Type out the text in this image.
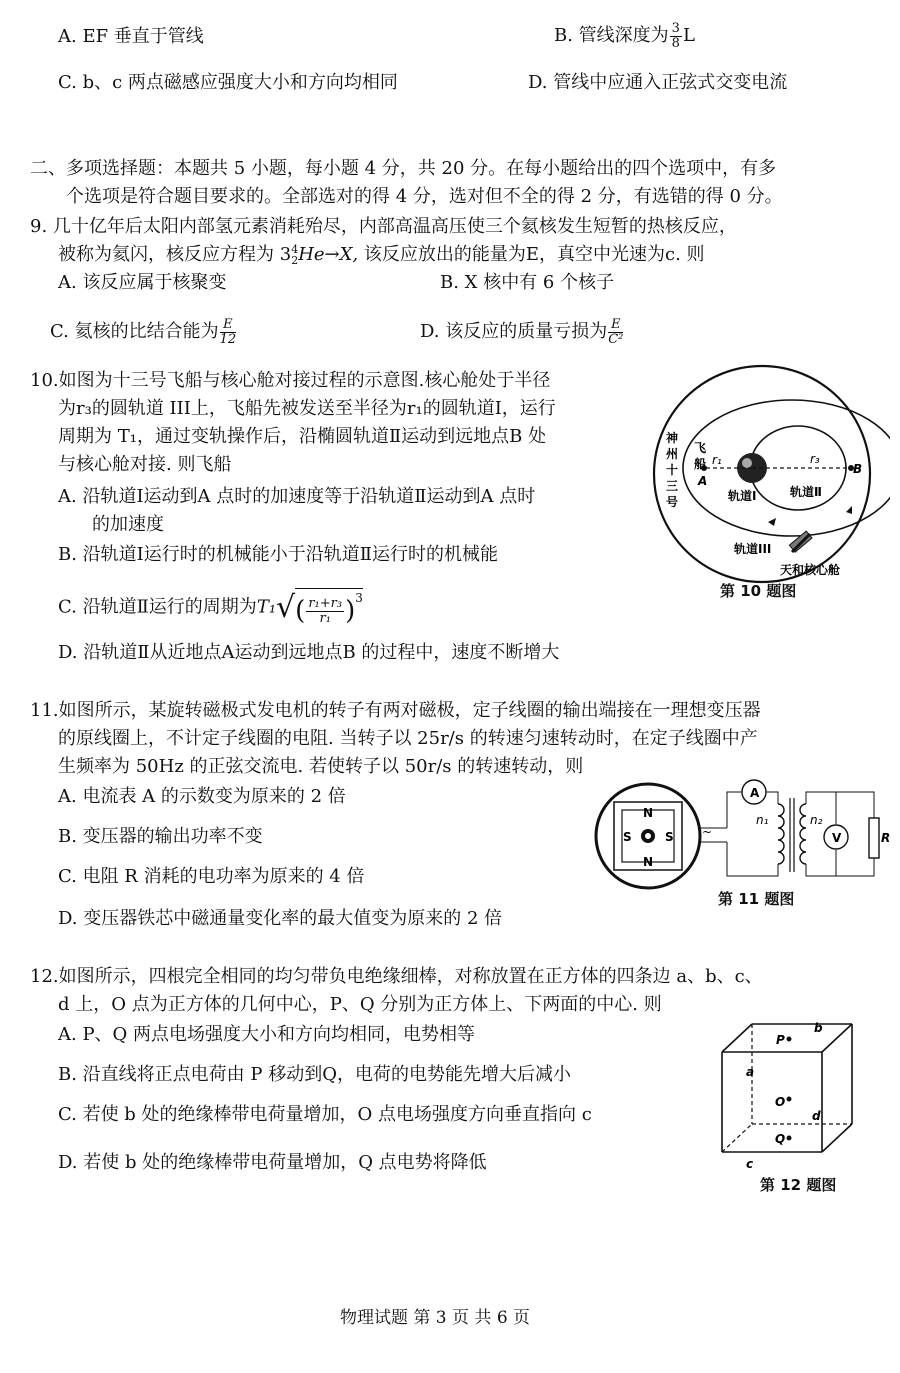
A. EF 垂直于管线	B. 管线深度为 $\frac{3}{8}$ L
C. b、c 两点磁感应强度大小和方向均相同	D. 管线中应通入正弦式交变电流
二、多项选择题：本题共 5 小题，每小题 4 分，共 20 分。在每小题给出的四个选项中，有多
个选项是符合题目要求的。全部选对的得 4 分，选对但不全的得 2 分，有选错的得 0 分。
9. 几十亿年后太阳内部氢元素消耗殆尽，内部高温高压使三个氦核发生短暂的热核反应，
被称为氦闪，核反应方程为 3 4
2 He→X, 该反应放出的能量为E，真空中光速为c. 则
A. 该反应属于核聚变	B. X 核中有 6 个核子
C. 氦核的比结合能为 $\frac{E}{12}$	D. 该反应的质量亏损为 $\frac{E}{\text{C²}}$
10.如图为十三号飞船与核心舱对接过程的示意图.核心舱处于半径
为r₃的圆轨道 III上，飞船先被发送至半径为r₁的圆轨道Ⅰ，运行
周期为 T₁，通过变轨操作后，沿椭圆轨道Ⅱ运动到远地点B 处
与核心舱对接. 则飞船
A. 沿轨道Ⅰ运动到A 点时的加速度等于沿轨道Ⅱ运动到A 点时
的加速度
B. 沿轨道Ⅰ运行时的机械能小于沿轨道Ⅱ运行时的机械能
C. 沿轨道Ⅱ运行的周期为$T_1√( \frac{\text{r₁+r₃}}{\text{r₁}} )^3$
D. 沿轨道Ⅱ从近地点A运动到远地点B 的过程中，速度不断增大
神州十三号
飞船 r₁	r₃
A
B
轨道Ⅰ	轨道Ⅱ
轨道III
天和核心舱
第 10 题图
11.如图所示，某旋转磁极式发电机的转子有两对磁极，定子线圈的输出端接在一理想变压器
的原线圈上，不计定子线圈的电阻. 当转子以 25r/s 的转速匀速转动时，在定子线圈中产
生频率为 50Hz 的正弦交流电. 若使转子以 50r/s 的转速转动，则
A. 电流表 A 的示数变为原来的 2 倍
B. 变压器的输出功率不变
C. 电阻 R 消耗的电功率为原来的 4 倍
D. 变压器铁芯中磁通量变化率的最大值变为原来的 2 倍
N
N
S	S ~
A
V	R
n₁	n₂
第 11 题图
12.如图所示，四根完全相同的均匀带负电绝缘细棒，对称放置在正方体的四条边 a、b、c、
d 上，O 点为正方体的几何中心，P、Q 分别为正方体上、下两面的中心. 则
A. P、Q 两点电场强度大小和方向均相同，电势相等
B. 沿直线将正点电荷由 P 移动到Q，电荷的电势能先增大后减小
C. 若使 b 处的绝缘棒带电荷量增加，O 点电场强度方向垂直指向 c
D. 若使 b 处的绝缘棒带电荷量增加，Q 点电势将降低
P
O
Q
b
a
d
c
第 12 题图
物理试题 第 3 页 共 6 页
